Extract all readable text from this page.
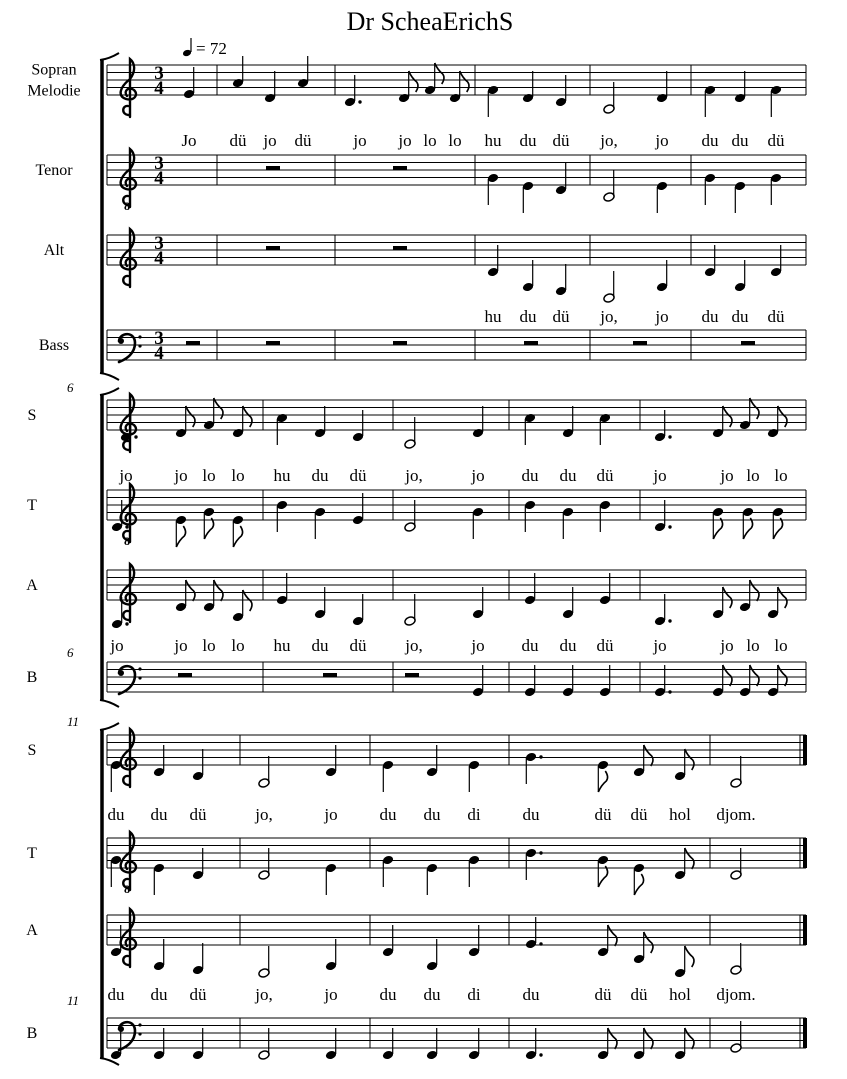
Dr ScheaErichS
= 72
Sopran
Melodie
3
4
Jo dü jo dü jo jo lo lo hu du dü jo, jo du du dü
Tenor
8
3
4
Alt	3
4
hu du dü jo, jo du du dü
Bass	3
4
6
6
S
jo jo lo lo hu du dü jo,	jo du du dü jo	jo lo lo
T
8
A
jo	jo lo lo hu du dü jo,	jo du du dü jo	jo lo lo
B
11
11
S
du du dü	jo,	jo du du di du	dü dü hol djom.
T
8
A
du du dü	jo,	jo du du di du	dü dü hol djom.
B
